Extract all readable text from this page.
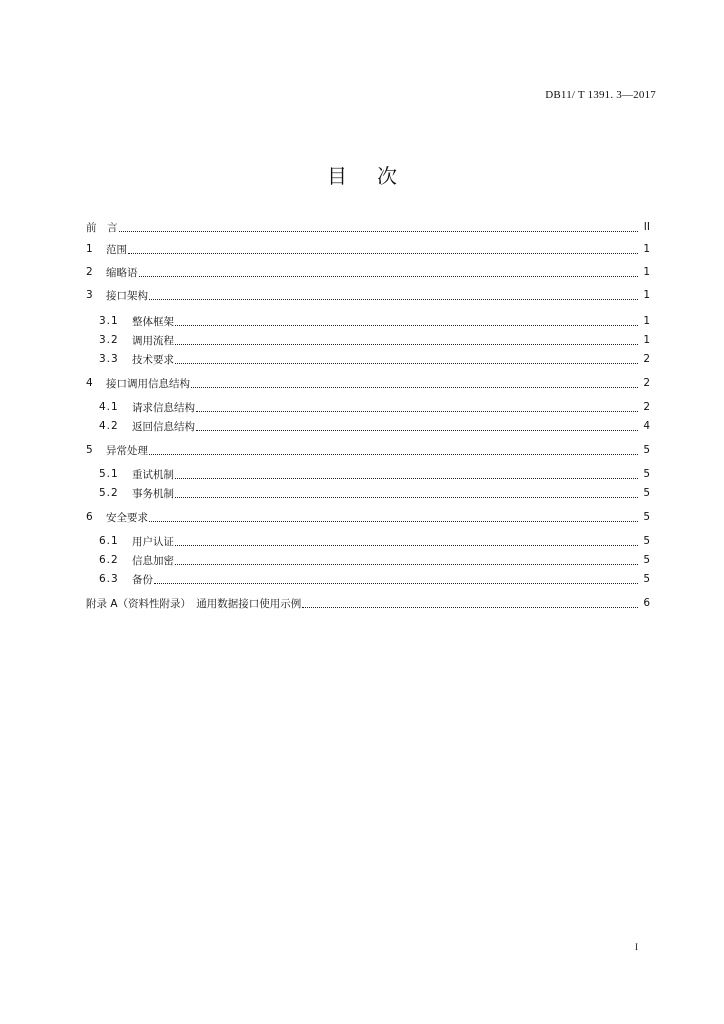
DB11/ T 1391. 3—2017
目次
前　言	II
1	范围	1
2	缩略语	1
3	接口架构	1
3.1	整体框架	1
3.2	调用流程	1
3.3	技术要求	2
4	接口调用信息结构	2
4.1	请求信息结构	2
4.2	返回信息结构	4
5	异常处理	5
5.1	重试机制	5
5.2	事务机制	5
6	安全要求	5
6.1	用户认证	5
6.2	信息加密	5
6.3	备份	5
附录 A（资料性附录）　通用数据接口使用示例	6
I
